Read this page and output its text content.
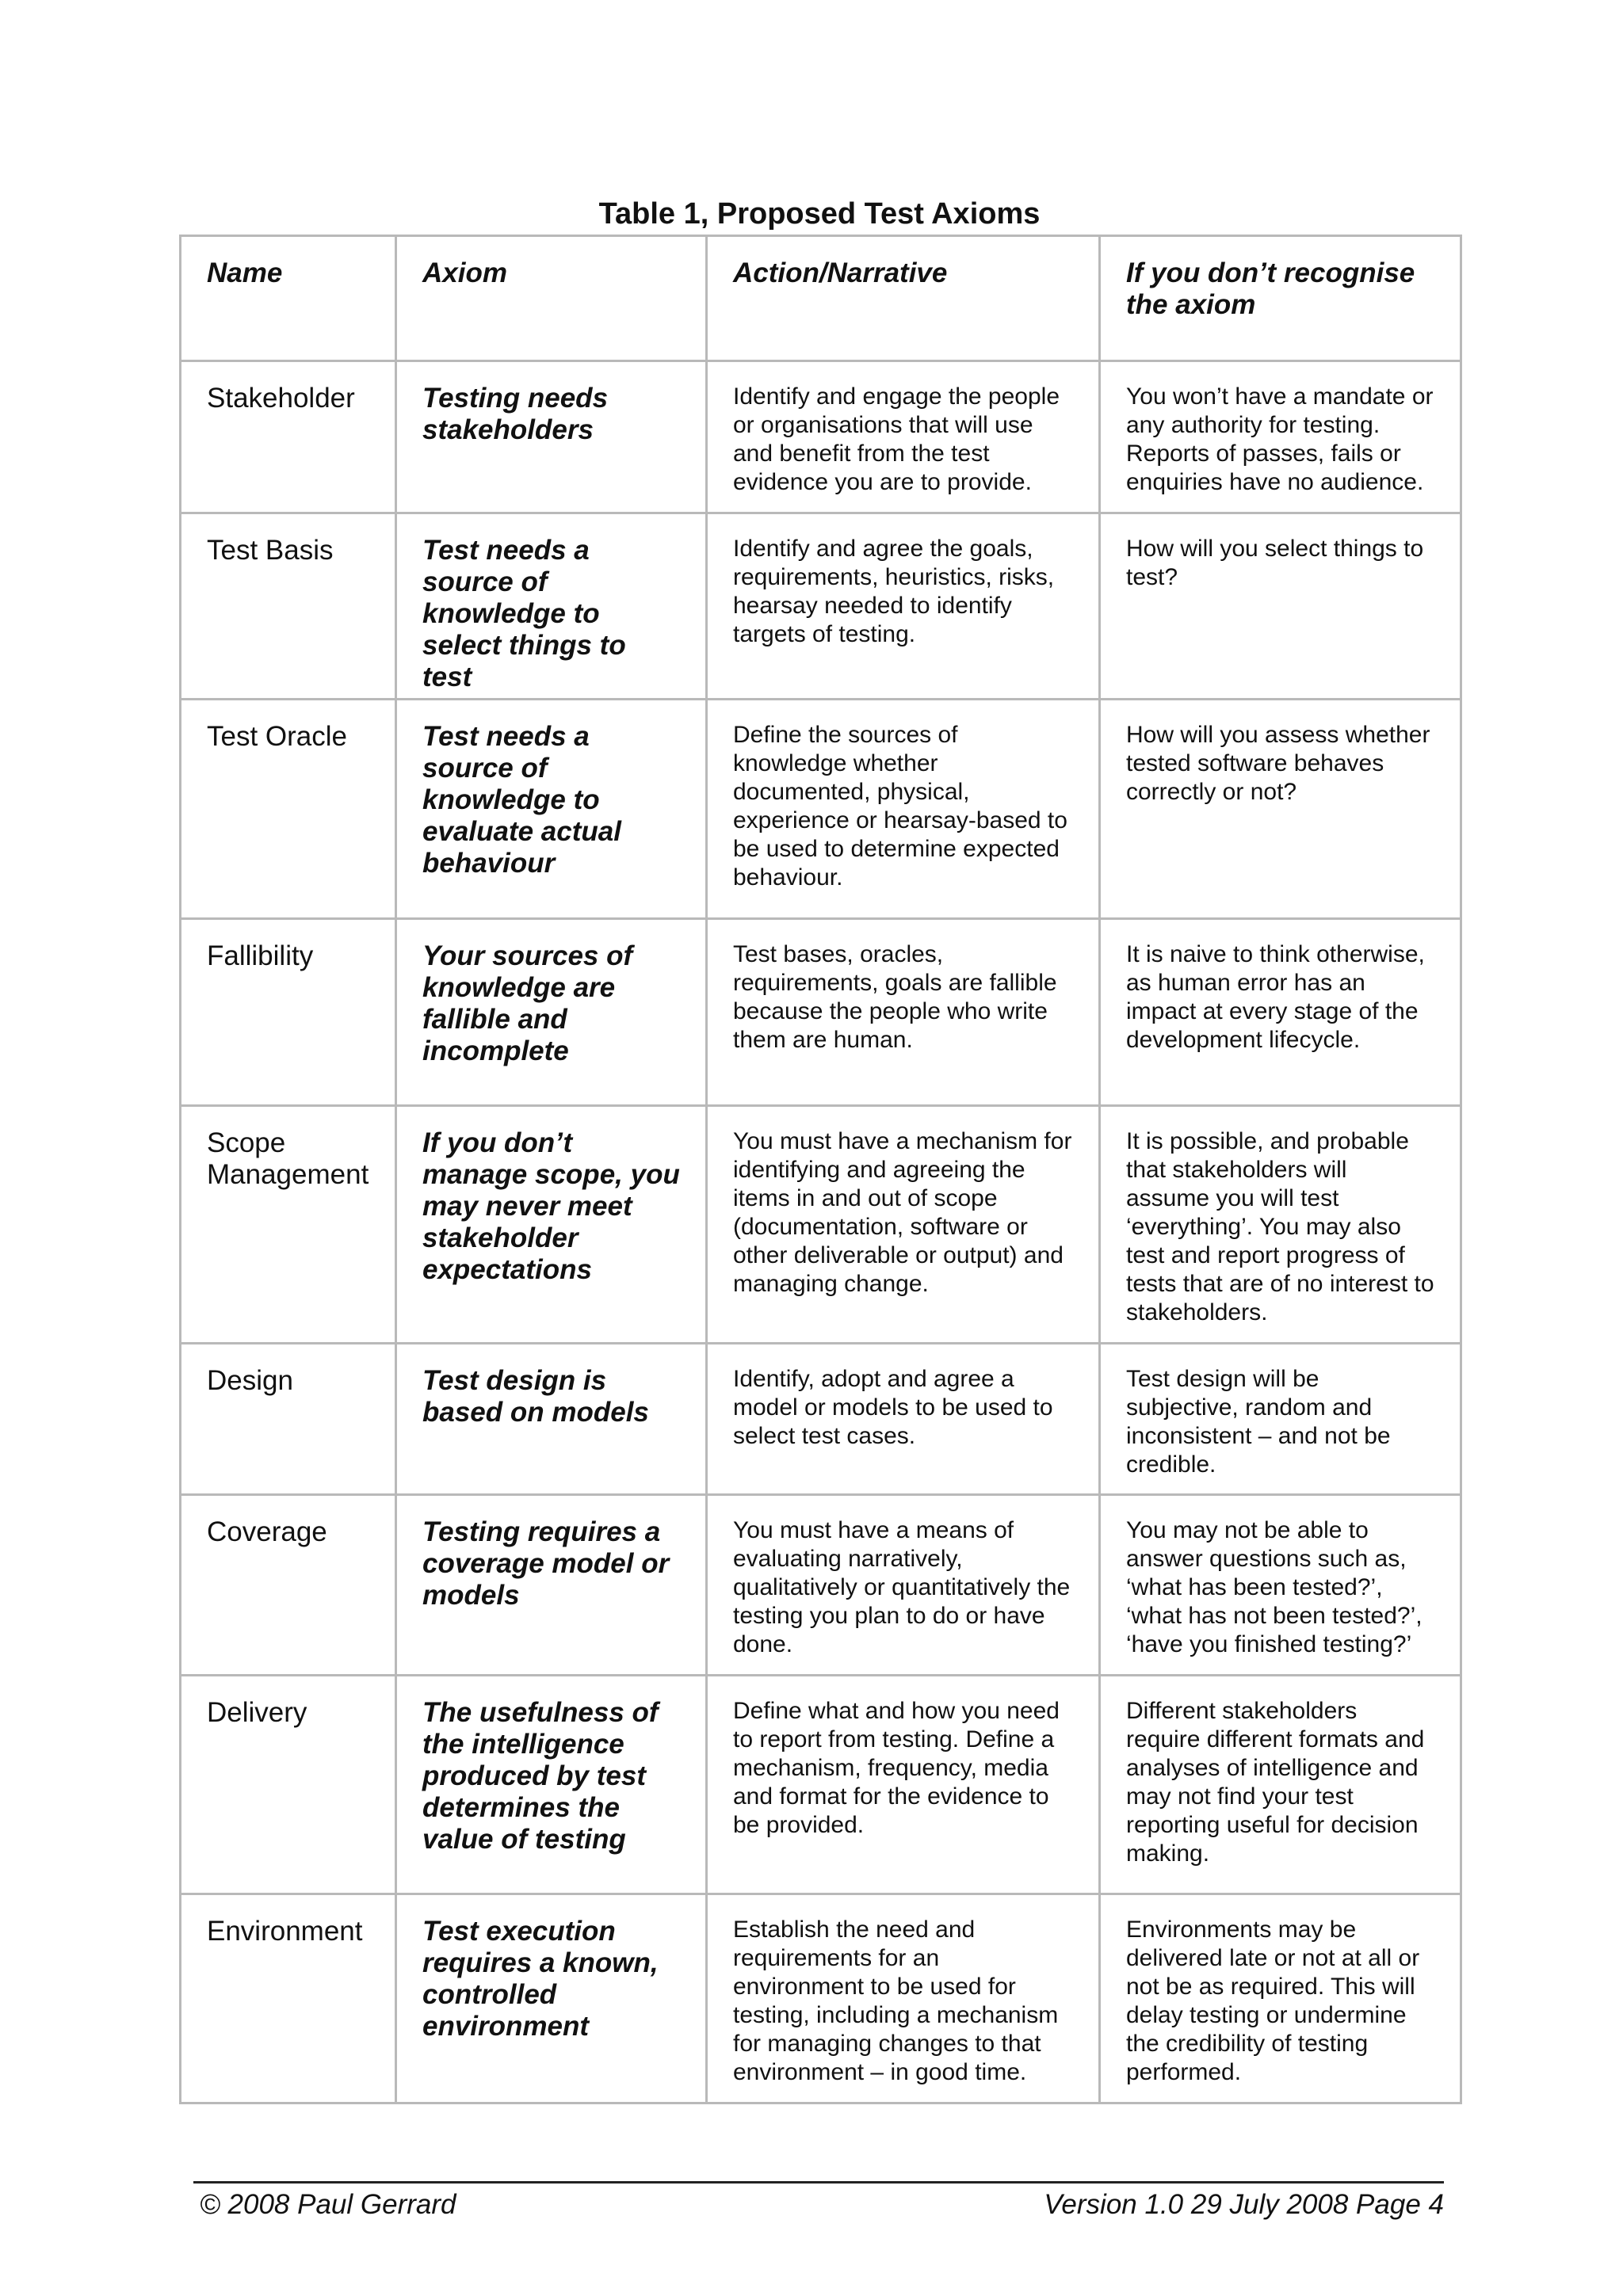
Table 1, Proposed Test Axioms
Name	Axiom	Action/Narrative	If you don’t recognise the axiom
Stakeholder	Testing needs stakeholders	Identify and engage the people or organisations that will use and benefit from the test evidence you are to provide.	You won’t have a mandate or any authority for testing. Reports of passes, fails or enquiries have no audience.
Test Basis	Test needs a source of knowledge to select things to test	Identify and agree the goals, requirements, heuristics, risks, hearsay needed to identify targets of testing.	How will you select things to test?
Test Oracle	Test needs a source of knowledge to evaluate actual behaviour	Define the sources of knowledge whether documented, physical, experience or hearsay-based to be used to determine expected behaviour.	How will you assess whether tested software behaves correctly or not?
Fallibility	Your sources of knowledge are fallible and incomplete	Test bases, oracles, requirements, goals are fallible because the people who write them are human.	It is naive to think otherwise, as human error has an impact at every stage of the development lifecycle.
Scope Management	If you don’t manage scope, you may never meet stakeholder expectations	You must have a mechanism for identifying and agreeing the items in and out of scope (documentation, software or other deliverable or output) and managing change.	It is possible, and probable that stakeholders will assume you will test ‘everything’. You may also test and report progress of tests that are of no interest to stakeholders.
Design	Test design is based on models	Identify, adopt and agree a model or models to be used to select test cases.	Test design will be subjective, random and inconsistent – and not be credible.
Coverage	Testing requires a coverage model or models	You must have a means of evaluating narratively, qualitatively or quantitatively the testing you plan to do or have done.	You may not be able to answer questions such as, ‘what has been tested?’, ‘what has not been tested?’, ‘have you finished testing?’
Delivery	The usefulness of the intelligence produced by test determines the value of testing	Define what and how you need to report from testing. Define a mechanism, frequency, media and format for the evidence to be provided.	Different stakeholders require different formats and analyses of intelligence and may not find your test reporting useful for decision making.
Environment	Test execution requires a known, controlled environment	Establish the need and requirements for an environment to be used for testing, including a mechanism for managing changes to that environment – in good time.	Environments may be delivered late or not at all or not be as required. This will delay testing or undermine the credibility of testing performed.
© 2008 Paul Gerrard	Version 1.0 29 July 2008 Page 4
